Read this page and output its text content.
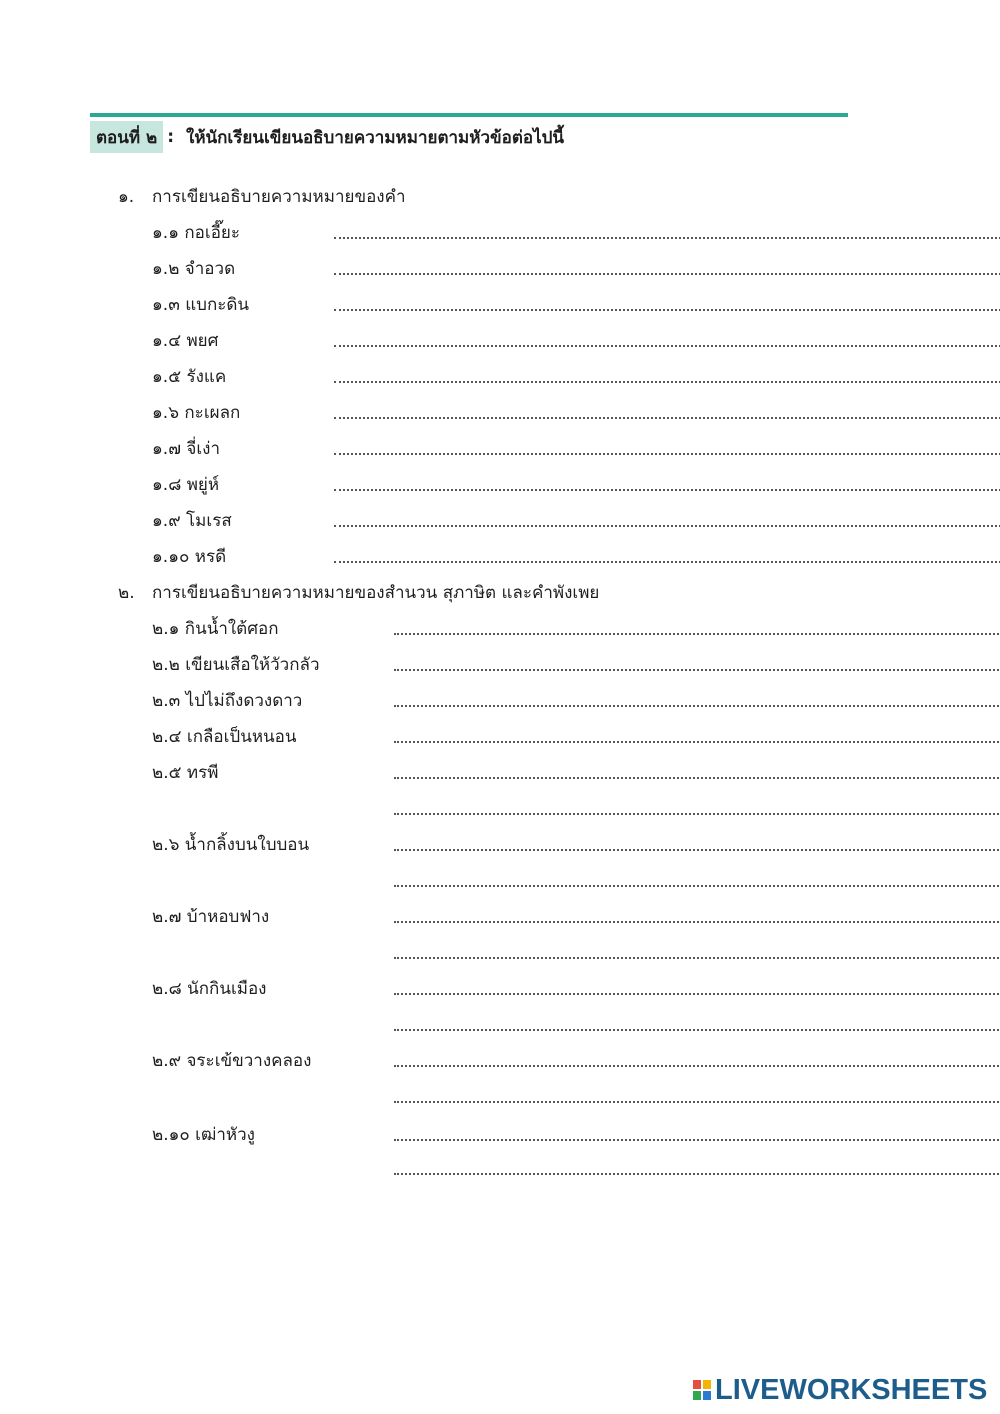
ตอนที่ ๒ : ให้นักเรียนเขียนอธิบายความหมายตามหัวข้อต่อไปนี้
๑.	การเขียนอธิบายความหมายของคำ
๑.๑ กอเอี๊ยะ
๑.๒ จำอวด
๑.๓ แบกะดิน
๑.๔ พยศ
๑.๕ รังแค
๑.๖ กะเผลก
๑.๗ จี่เง่า
๑.๘ พยู่ห์
๑.๙ โมเรส
๑.๑๐ หรดี
๒.	การเขียนอธิบายความหมายของสำนวน สุภาษิต และคำพังเพย
๒.๑ กินน้ำใต้ศอก
๒.๒ เขียนเสือให้วัวกลัว
๒.๓ ไปไม่ถึงดวงดาว
๒.๔ เกลือเป็นหนอน
๒.๕ ทรพี
๒.๖ น้ำกลิ้งบนใบบอน
๒.๗ บ้าหอบฟาง
๒.๘ นักกินเมือง
๒.๙ จระเข้ขวางคลอง
๒.๑๐ เฒ่าหัวงู
LIVEWORKSHEETS
